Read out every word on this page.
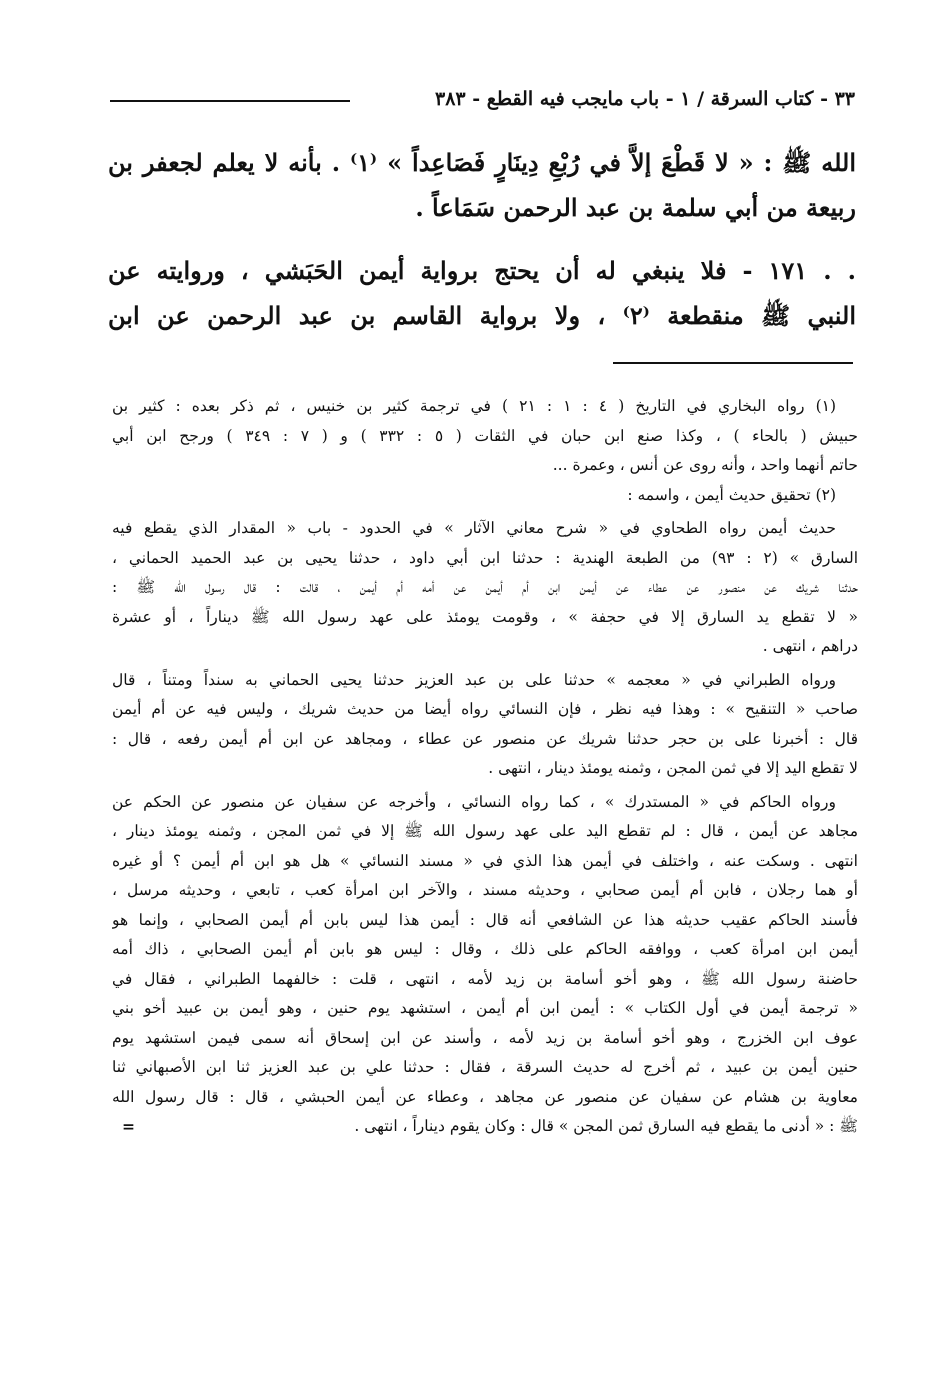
٣٣ - كتاب السرقة / ١ - باب مايجب فيه القطع - ٣٨٣
الله ﷺ : « لا قَطْعَ إلاَّ في رُبْعِ دِينَارٍ فَصَاعِداً » ⁽١⁾ . بأنه لا يعلم لجعفر بن
ربيعة من أبي سلمة بن عبد الرحمن سَمَاعاً .
. . ١٧١ - فلا ينبغي له أن يحتج برواية أيمن الحَبَشي ، وروايته عن
النبي ﷺ منقطعة ⁽٢⁾ ، ولا برواية القاسم بن عبد الرحمن عن ابن
(١) رواه البخاري في التاريخ ( ٤ : ١ : ٢١ ) في ترجمة كثير بن خنيس ، ثم ذكر بعده : كثير بن
حبيش ( بالحاء ) ، وكذا صنع ابن حبان في الثقات ( ٥ : ٣٣٢ ) و ( ٧ : ٣٤٩ ) ورجح ابن أبي
حاتم أنهما واحد ، وأنه روى عن أنس ، وعمرة ...
(٢) تحقيق حديث أيمن ، واسمه :
حديث أيمن رواه الطحاوي في « شرح معاني الآثار » في الحدود - باب « المقدار الذي يقطع فيه
السارق » (٢ : ٩٣) من الطبعة الهندية : حدثنا ابن أبي داود ، حدثنا يحيى بن عبد الحميد الحماني ،
حدثنا شريك عن منصور عن عطاء عن أيمن ابن أم أيمن عن أمه أم أيمن ، قالت : قال رسول الله ﷺ :
« لا تقطع يد السارق إلا في حجفة » ، وقومت يومئذ على عهد رسول الله ﷺ ديناراً ، أو عشرة
دراهم ، انتهى .
ورواه الطبراني في « معجمه » حدثنا على بن عبد العزيز حدثنا يحيى الحماني به سنداً ومتناً ، قال
صاحب « التنقيح » : وهذا فيه نظر ، فإن النسائي رواه أيضا من حديث شريك ، وليس فيه عن أم أيمن
قال : أخبرنا على بن حجر حدثنا شريك عن منصور عن عطاء ، ومجاهد عن ابن أم أيمن رفعه ، قال :
لا تقطع اليد إلا في ثمن المجن ، وثمنه يومئذ دينار ، انتهى .
ورواه الحاكم في « المستدرك » ، كما رواه النسائي ، وأخرجه عن سفيان عن منصور عن الحكم عن
مجاهد عن أيمن ، قال : لم تقطع اليد على عهد رسول الله ﷺ إلا في ثمن المجن ، وثمنه يومئذ دينار ،
انتهى . وسكت عنه ، واختلف في أيمن هذا الذي في « مسند النسائي » هل هو ابن أم أيمن ؟ أو غيره
أو هما رجلان ، فابن أم أيمن صحابي ، وحديثه مسند ، والآخر ابن امرأة كعب ، تابعي ، وحديثه مرسل ،
فأسند الحاكم عقيب حديثه هذا عن الشافعي أنه قال : أيمن هذا ليس بابن أم أيمن الصحابي ، وإنما هو
أيمن ابن امرأة كعب ، ووافقه الحاكم على ذلك ، وقال : ليس هو بابن أم أيمن الصحابي ، ذاك أمه
حاضنة رسول الله ﷺ ، وهو أخو أسامة بن زيد لأمه ، انتهى ، قلت : خالفهما الطبراني ، فقال في
« ترجمة أيمن في أول الكتاب » : أيمن ابن أم أيمن ، استشهد يوم حنين ، وهو أيمن بن عبيد أخو بني
عوف ابن الخزرج ، وهو أخو أسامة بن زيد لأمه ، وأسند عن ابن إسحاق أنه سمى فيمن استشهد يوم
حنين أيمن بن عبيد ، ثم أخرج له حديث السرقة ، فقال : حدثنا علي بن عبد العزيز ثنا ابن الأصبهاني ثنا
معاوية بن هشام عن سفيان عن منصور عن مجاهد ، وعطاء عن أيمن الحبشي ، قال : قال رسول الله
ﷺ : « أدنى ما يقطع فيه السارق ثمن المجن » قال : وكان يقوم ديناراً ، انتهى .
=
